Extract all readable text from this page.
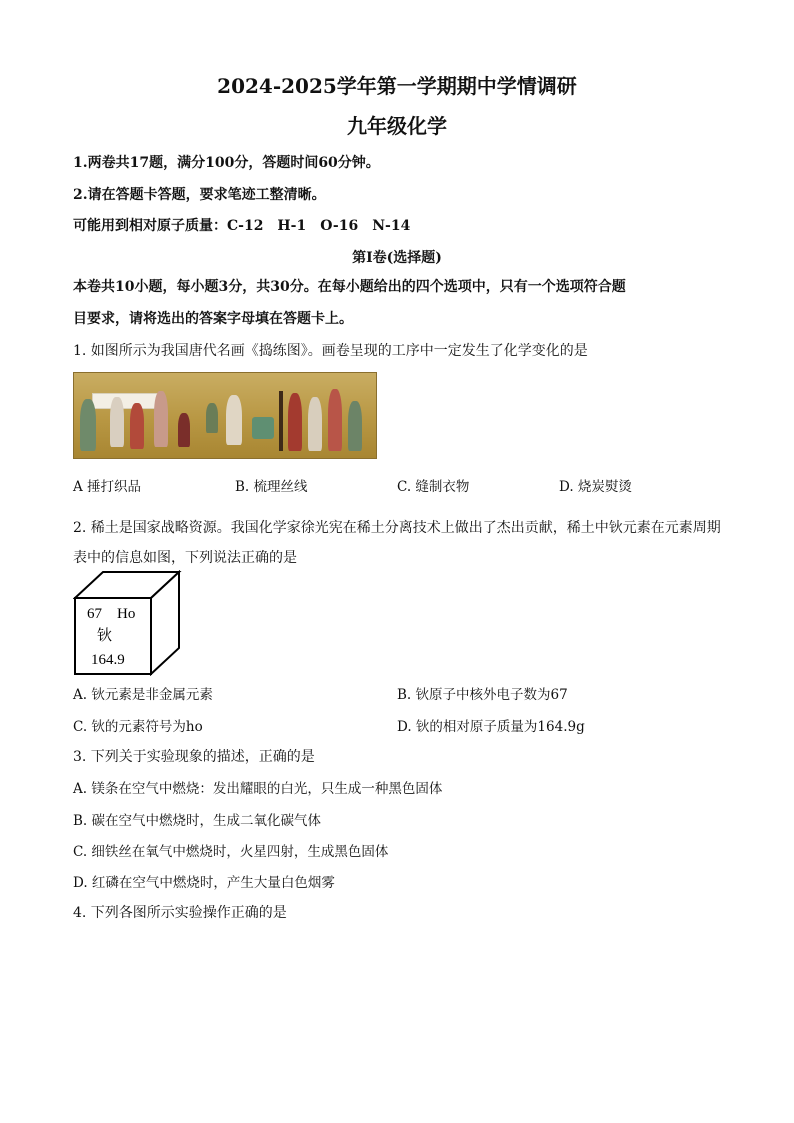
2024-2025学年第一学期期中学情调研
九年级化学
1.两卷共17题，满分100分，答题时间60分钟。
2.请在答题卡答题，要求笔迹工整清晰。
可能用到相对原子质量：C-12　H-1　O-16　N-14
第Ⅰ卷(选择题)
本卷共10小题，每小题3分，共30分。在每小题给出的四个选项中，只有一个选项符合题
目要求，请将选出的答案字母填在答题卡上。
1. 如图所示为我国唐代名画《捣练图》。画卷呈现的工序中一定发生了化学变化的是
A 捶打织品	B. 梳理丝线	C. 缝制衣物	D. 烧炭熨烫
2. 稀土是国家战略资源。我国化学家徐光宪在稀土分离技术上做出了杰出贡献，稀土中钬元素在元素周期
表中的信息如图，下列说法正确的是
67 Ho
钬
164.9
A. 钬元素是非金属元素	B. 钬原子中核外电子数为67
C. 钬的元素符号为ho	D. 钬的相对原子质量为164.9g
3. 下列关于实验现象的描述，正确的是
A. 镁条在空气中燃烧：发出耀眼的白光，只生成一种黑色固体
B. 碳在空气中燃烧时，生成二氧化碳气体
C. 细铁丝在氧气中燃烧时，火星四射，生成黑色固体
D. 红磷在空气中燃烧时，产生大量白色烟雾
4. 下列各图所示实验操作正确的是
